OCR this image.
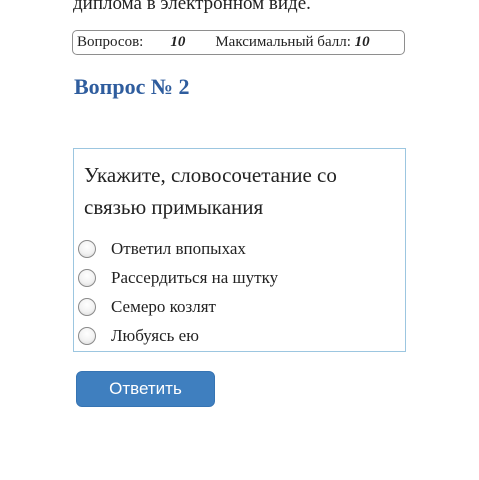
диплома в электронном виде.
Вопросов: 10 Максимальный балл: 10
Вопрос № 2
Укажите, словосочетание со связью примыкания
Ответил впопыхах
Рассердиться на шутку
Семеро козлят
Любуясь ею
Ответить
